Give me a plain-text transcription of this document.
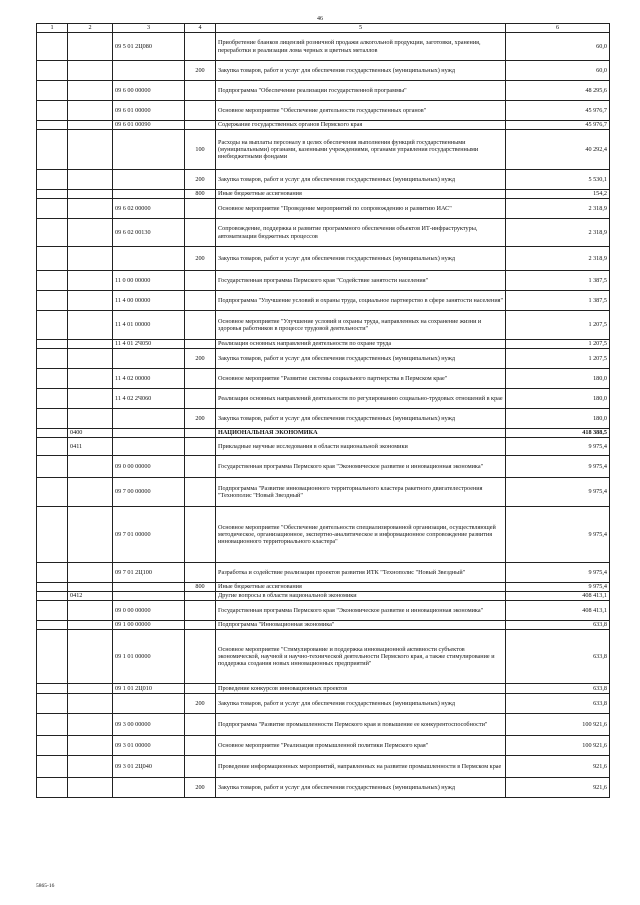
46
1	2	3	4	5	6
		09 5 01 2Ц080		Приобретение бланков лицензий розничной продажи алкогольной продукции, заготовки, хранения, переработки и реализации лома черных и цветных металлов	60,0
			200	Закупка товаров, работ и услуг для обеспечения государственных (муниципальных) нужд	60,0
		09 6 00 00000		Подпрограмма "Обеспечение реализации государственной программы"	48 295,6
		09 6 01 00000		Основное мероприятие "Обеспечение деятельности государственных органов"	45 976,7
		09 6 01 00090		Содержание государственных органов Пермского края	45 976,7
			100	Расходы на выплаты персоналу в целях обеспечения выполнения функций государственными (муниципальными) органами, казенными учреждениями, органами управления государственными внебюджетными фондами	40 292,4
			200	Закупка товаров, работ и услуг для обеспечения государственных (муниципальных) нужд	5 530,1
			800	Иные бюджетные ассигнования	154,2
		09 6 02 00000		Основное мероприятие "Проведение мероприятий по сопровождению и развитию ИАС"	2 318,9
		09 6 02 00130		Сопровождение, поддержка и развитие программного обеспечения объектов ИТ-инфраструктуры, автоматизации бюджетных процессов	2 318,9
			200	Закупка товаров, работ и услуг для обеспечения государственных (муниципальных) нужд	2 318,9
		11 0 00 00000		Государственная программа Пермского края "Содействие занятости населения"	1 387,5
		11 4 00 00000		Подпрограмма "Улучшение условий и охраны труда, социальное партнерство в сфере занятости населения"	1 387,5
		11 4 01 00000		Основное мероприятие "Улучшение условий и охраны труда, направленных на сохранение жизни и здоровья работников в процессе трудовой деятельности"	1 207,5
		11 4 01 2Ч050		Реализация основных направлений деятельности по охране труда	1 207,5
			200	Закупка товаров, работ и услуг для обеспечения государственных (муниципальных) нужд	1 207,5
		11 4 02 00000		Основное мероприятие "Развитие системы социального партнерства в Пермском крае"	180,0
		11 4 02 2Ч060		Реализация основных направлений деятельности по регулированию социально-трудовых отношений в крае	180,0
			200	Закупка товаров, работ и услуг для обеспечения государственных (муниципальных) нужд	180,0
	0400			НАЦИОНАЛЬНАЯ ЭКОНОМИКА	418 388,5
	0411			Прикладные научные исследования в области национальной экономики	9 975,4
		09 0 00 00000		Государственная программа Пермского края "Экономическое развитие и инновационная экономика"	9 975,4
		09 7 00 00000		Подпрограмма "Развитие инновационного территориального кластера ракетного двигателестроения "Технополис "Новый Звездный"	9 975,4
		09 7 01 00000		Основное мероприятие "Обеспечение деятельности специализированной организации, осуществляющей методическое, организационное, экспертно-аналитическое и информационное сопровождение развития инновационного территориального кластера"	9 975,4
		09 7 01 2Ц100		Разработка и содействие реализации проектов развития ИТК "Технополис "Новый Звездный"	9 975,4
			800	Иные бюджетные ассигнования	9 975,4
	0412			Другие вопросы в области национальной экономики	408 413,1
		09 0 00 00000		Государственная программа Пермского края "Экономическое развитие и инновационная экономика"	408 413,1
		09 1 00 00000		Подпрограмма "Инновационная экономика"	633,8
		09 1 01 00000		Основное мероприятие "Стимулирование и поддержка инновационной активности субъектов экономической, научной и научно-технической деятельности Пермского края, а также стимулирование и поддержка создания новых инновационных предприятий"	633,8
		09 1 01 2Ц010		Проведение конкурсов инновационных проектов	633,8
			200	Закупка товаров, работ и услуг для обеспечения государственных (муниципальных) нужд	633,8
		09 3 00 00000		Подпрограмма "Развитие промышленности Пермского края и повышение ее конкурентоспособности"	100 921,6
		09 3 01 00000		Основное мероприятие "Реализация промышленной политики Пермского края"	100 921,6
		09 3 01 2Ц040		Проведение информационных мероприятий, направленных на развитие промышленности в Пермском крае	921,6
			200	Закупка товаров, работ и услуг для обеспечения государственных (муниципальных) нужд	921,6
5865-16
